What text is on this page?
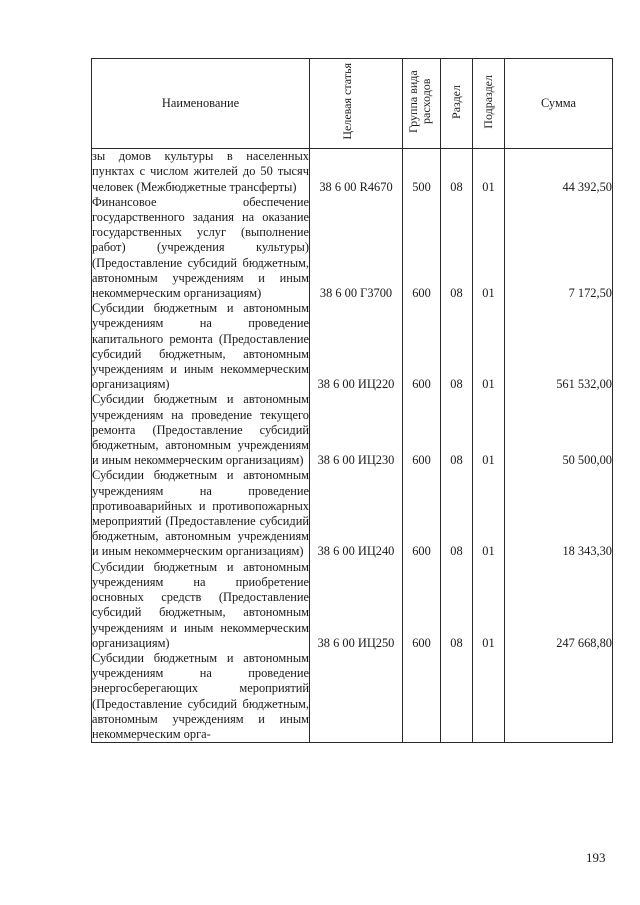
Наименование	Целевая статья	Группа вида расходов	Раздел	Подраздел	Сумма
зы домов культуры в населенных пунктах с числом жителей до 50 тысяч человек (Межбюджетные трансферты)	38 6 00 R4670	500	08	01	44 392,50
Финансовое обеспечение государственного задания на оказание государственных услуг (выполнение работ) (учреждения культуры) (Предоставление субсидий бюджетным, автономным учреждениям и иным некоммерческим организациям)	38 6 00 Г3700	600	08	01	7 172,50
Субсидии бюджетным и автономным учреждениям на проведение капитального ремонта (Предоставление субсидий бюджетным, автономным учреждениям и иным некоммерческим организациям)	38 6 00 ИЦ220	600	08	01	561 532,00
Субсидии бюджетным и автономным учреждениям на проведение текущего ремонта (Предоставление субсидий бюджетным, автономным учреждениям и иным некоммерческим организациям)	38 6 00 ИЦ230	600	08	01	50 500,00
Субсидии бюджетным и автономным учреждениям на проведение противоаварийных и противопожарных мероприятий (Предоставление субсидий бюджетным, автономным учреждениям и иным некоммерческим организациям)	38 6 00 ИЦ240	600	08	01	18 343,30
Субсидии бюджетным и автономным учреждениям на приобретение основных средств (Предоставление субсидий бюджетным, автономным учреждениям и иным некоммерческим организациям)	38 6 00 ИЦ250	600	08	01	247 668,80
Субсидии бюджетным и автономным учреждениям на проведение энергосберегающих мероприятий (Предоставление субсидий бюджетным, автономным учреждениям и иным некоммерческим орга-					
193
